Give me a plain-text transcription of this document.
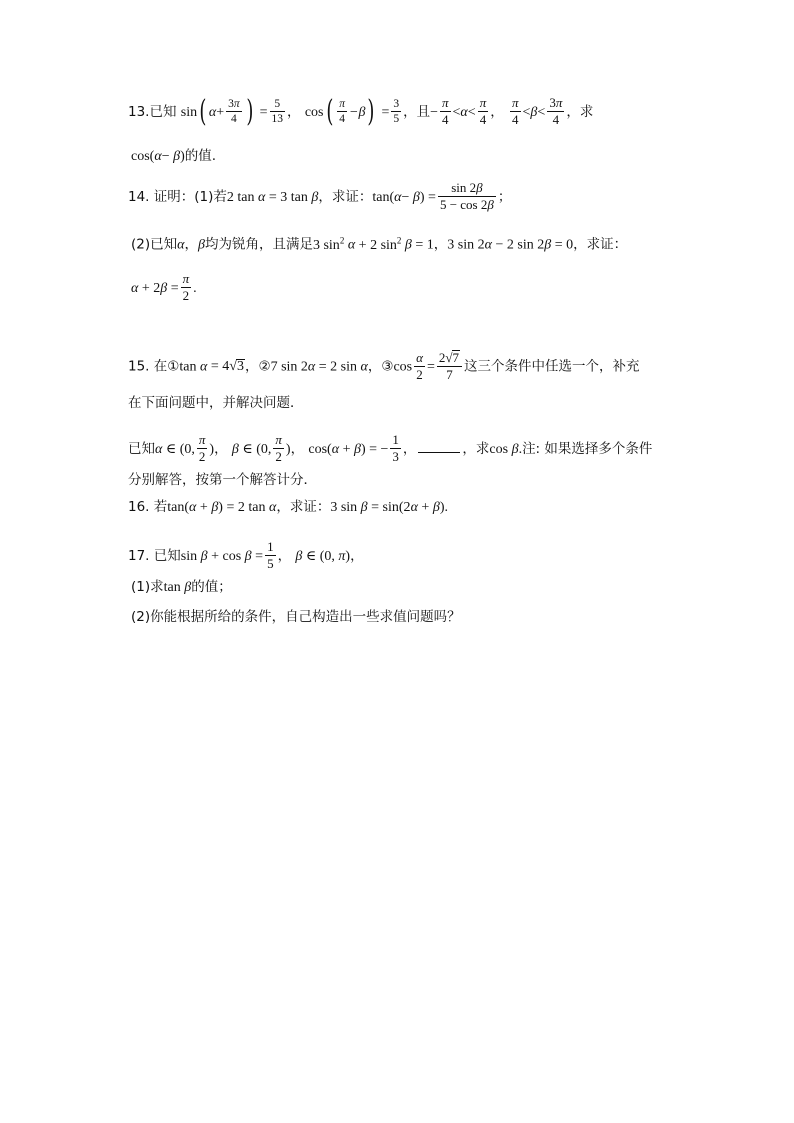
13.已知 sin( $\alpha+ \frac{3\pi}{4}$ ) = $\frac{5}{13}$ ， $\cos( \frac{\pi}{4} -\beta) = \frac{3}{5}$ ，且− $\frac{\pi}{4} <\alpha< \frac{\pi}{4}$ ， $\frac{\pi}{4} <\beta< \frac{3\pi}{4}$ ，求
cos(α− β)的值.
14. 证明：(1)若2 tan α = 3 tan β，求证：$\tan(\alpha- \beta) = \frac{\sin 2\beta}{5 - \cos 2\beta}$ ；
(2)已知α，β均为锐角，且满足3 $\sin^2 \alpha + 2$ $\sin^2 \beta = 1$，3 sin 2α − 2 sin 2β = 0，求证：
$\alpha + 2\beta = \frac{\pi}{2}$ .
15. 在①tan α = 4√3，②7 sin 2α = 2 sin α，③cos $\frac{\alpha}{2} = \frac{2√7}{7}$ 这三个条件中任选一个，补充
在下面问题中，并解决问题．
已知α ∈ (0, $\frac{\pi}{2}$ )， β ∈ (0, $\frac{\pi}{2}$ )， cos(α + β) = − $\frac{1}{3}$ ，	，求cos β.注: 如果选择多个条件
分别解答，按第一个解答计分．
16. 若tan(α + β) = 2 tan α，求证：3 sin β = sin(2α + β).
17. 已知$\sin \beta + \cos \beta = \frac{1}{5}$ ， β ∈ (0, π)，
(1)求tan β的值；
(2)你能根据所给的条件，自己构造出一些求值问题吗？
